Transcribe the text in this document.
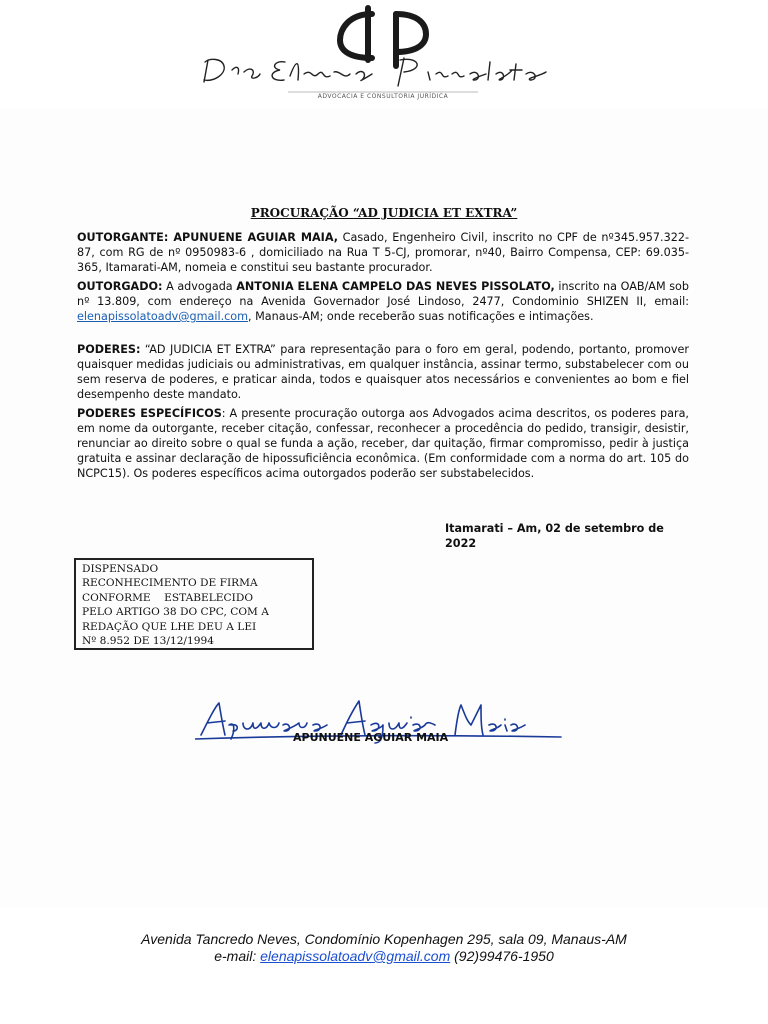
ADVOCACIA E CONSULTORIA JURÍDICA
PROCURAÇÃO “AD JUDICIA ET EXTRA”
OUTORGANTE: APUNUENE AGUIAR MAIA, Casado, Engenheiro Civil, inscrito no CPF de nº345.957.322-87, com RG de nº 0950983-6 , domiciliado na Rua T 5-CJ, promorar, nº40, Bairro Compensa, CEP: 69.035-365, Itamarati-AM, nomeia e constitui seu bastante procurador.
OUTORGADO: A advogada ANTONIA ELENA CAMPELO DAS NEVES PISSOLATO, inscrito na OAB/AM sob nº 13.809, com endereço na Avenida Governador José Lindoso, 2477, Condominio SHIZEN II, email: elenapissolatoadv@gmail.com, Manaus-AM; onde receberão suas notificações e intimações.
PODERES: “AD JUDICIA ET EXTRA” para representação para o foro em geral, podendo, portanto, promover quaisquer medidas judiciais ou administrativas, em qualquer instância, assinar termo, substabelecer com ou sem reserva de poderes, e praticar ainda, todos e quaisquer atos necessários e convenientes ao bom e fiel desempenho deste mandato.
PODERES ESPECÍFICOS: A presente procuração outorga aos Advogados acima descritos, os poderes para, em nome da outorgante, receber citação, confessar, reconhecer a procedência do pedido, transigir, desistir, renunciar ao direito sobre o qual se funda a ação, receber, dar quitação, firmar compromisso, pedir à justiça gratuita e assinar declaração de hipossuficiência econômica. (Em conformidade com a norma do art. 105 do NCPC15). Os poderes específicos acima outorgados poderão ser substabelecidos.
Itamarati – Am, 02 de setembro de
2022
DISPENSADO
RECONHECIMENTO DE FIRMA
CONFORME    ESTABELECIDO
PELO ARTIGO 38 DO CPC, COM A
REDAÇÃO QUE LHE DEU A LEI
Nº 8.952 DE 13/12/1994
APUNUENE AGUIAR MAIA
Avenida Tancredo Neves, Condomínio Kopenhagen 295, sala 09, Manaus-AM
e-mail: elenapissolatoadv@gmail.com (92)99476-1950
